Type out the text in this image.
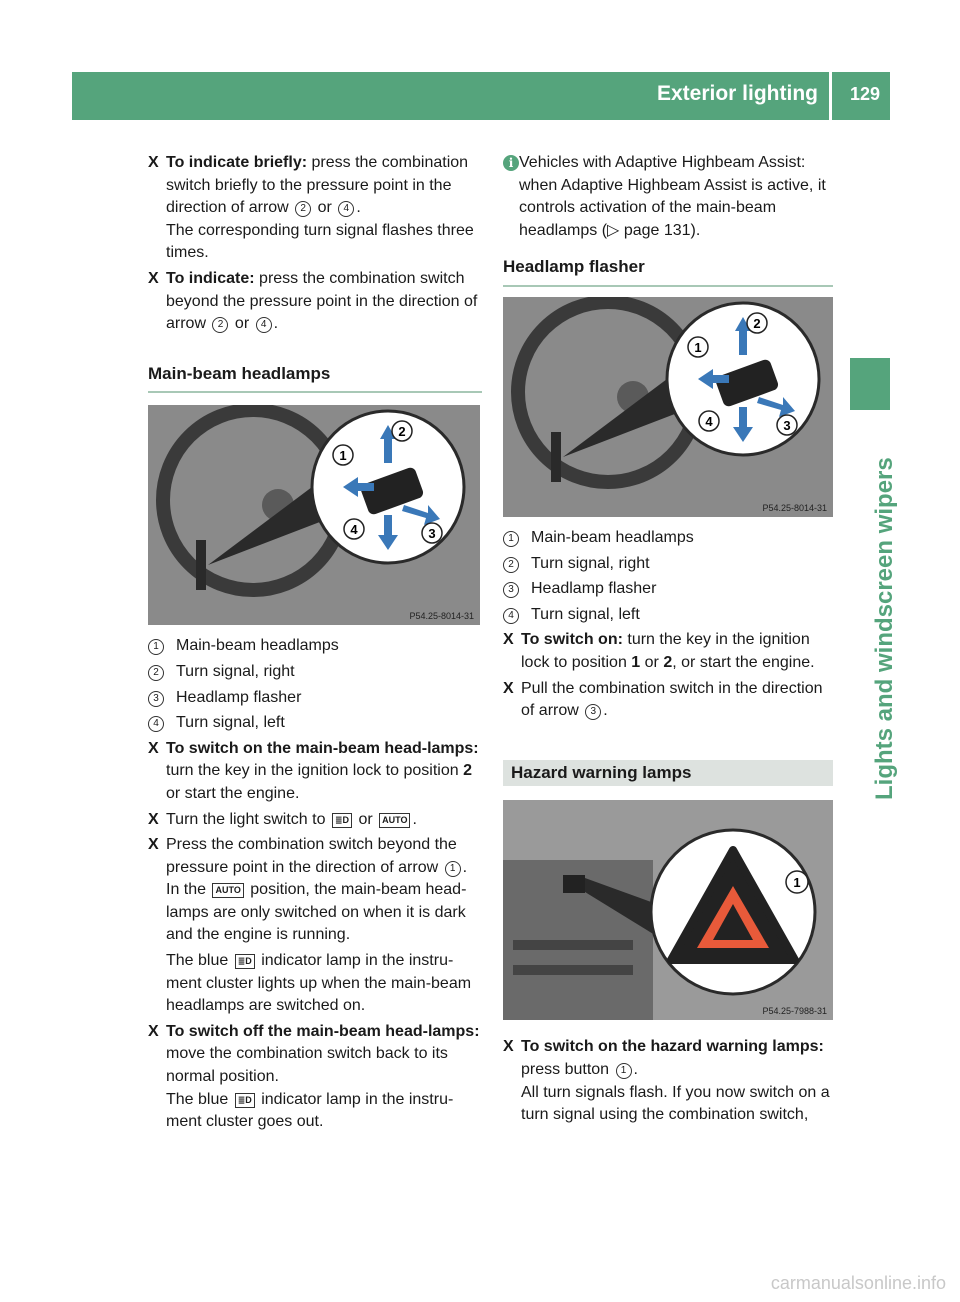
Exterior lighting 129
Lights and windscreen wipers

X To indicate briefly: press the combination switch briefly to the pressure point in the direction of arrow 2 or 4 .
The corresponding turn signal flashes three times.

X To indicate: press the combination switch beyond the pressure point in the direction of arrow 2 or 4 .

Main-beam headlamps

1
2
3
4
P54.25-8014-31
1 Main-beam headlamps
2 Turn signal, right
3 Headlamp flasher
4 Turn signal, left

X To switch on the main-beam head-lamps: turn the key in the ignition lock to position 2 or start the engine.

X Turn the light switch to ≣D or AUTO .

X Press the combination switch beyond the pressure point in the direction of arrow 1 .
In the AUTO position, the main-beam head-lamps are only switched on when it is dark and the engine is running.

The blue ≣D indicator lamp in the instru-ment cluster lights up when the main-beam headlamps are switched on.

X To switch off the main-beam head-lamps: move the combination switch back to its normal position.
The blue ≣D indicator lamp in the instru-ment cluster goes out.

i Vehicles with Adaptive Highbeam Assist: when Adaptive Highbeam Assist is active, it controls activation of the main-beam headlamps (▷ page 131).

Headlamp flasher

1
2
3
4
P54.25-8014-31
1 Main-beam headlamps
2 Turn signal, right
3 Headlamp flasher
4 Turn signal, left

X To switch on: turn the key in the ignition lock to position 1 or 2, or start the engine.

X Pull the combination switch in the direction of arrow 3 .

Hazard warning lamps
1
P54.25-7988-31

X To switch on the hazard warning lamps: press button 1 .
All turn signals flash. If you now switch on a turn signal using the combination switch,

carmanualsonline.info
